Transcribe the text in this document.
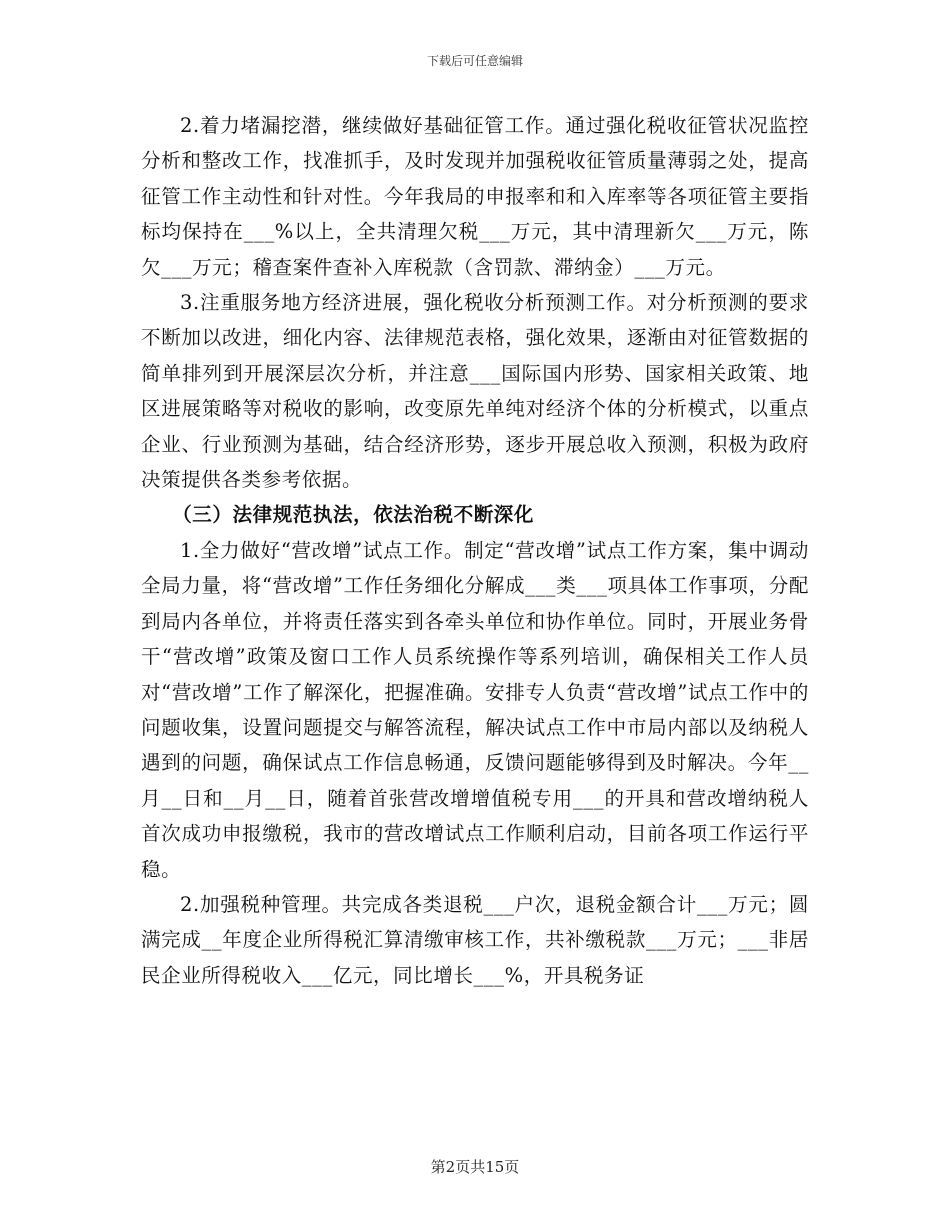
下载后可任意编辑

2.着力堵漏挖潜，继续做好基础征管工作。通过强化税收征管状况监控分析和整改工作，找准抓手，及时发现并加强税收征管质量薄弱之处，提高征管工作主动性和针对性。今年我局的申报率和和入库率等各项征管主要指标均保持在___%以上，全共清理欠税___万元，其中清理新欠___万元，陈欠___万元；稽查案件查补入库税款（含罚款、滞纳金）___万元。

3.注重服务地方经济进展，强化税收分析预测工作。对分析预测的要求不断加以改进，细化内容、法律规范表格，强化效果，逐渐由对征管数据的简单排列到开展深层次分析，并注意___国际国内形势、国家相关政策、地区进展策略等对税收的影响，改变原先单纯对经济个体的分析模式，以重点企业、行业预测为基础，结合经济形势，逐步开展总收入预测，积极为政府决策提供各类参考依据。

（三）法律规范执法，依法治税不断深化

1.全力做好“营改增”试点工作。制定“营改增”试点工作方案，集中调动全局力量，将“营改增”工作任务细化分解成___类___项具体工作事项，分配到局内各单位，并将责任落实到各牵头单位和协作单位。同时，开展业务骨干“营改增”政策及窗口工作人员系统操作等系列培训，确保相关工作人员对“营改增”工作了解深化，把握准确。安排专人负责“营改增”试点工作中的问题收集，设置问题提交与解答流程，解决试点工作中市局内部以及纳税人遇到的问题，确保试点工作信息畅通，反馈问题能够得到及时解决。今年__月__日和__月__日，随着首张营改增增值税专用___的开具和营改增纳税人首次成功申报缴税，我市的营改增试点工作顺利启动，目前各项工作运行平稳。

2.加强税种管理。共完成各类退税___户次，退税金额合计___万元；圆满完成__年度企业所得税汇算清缴审核工作，共补缴税款___万元；___非居民企业所得税收入___亿元，同比增长___%，开具税务证

第2页共15页
